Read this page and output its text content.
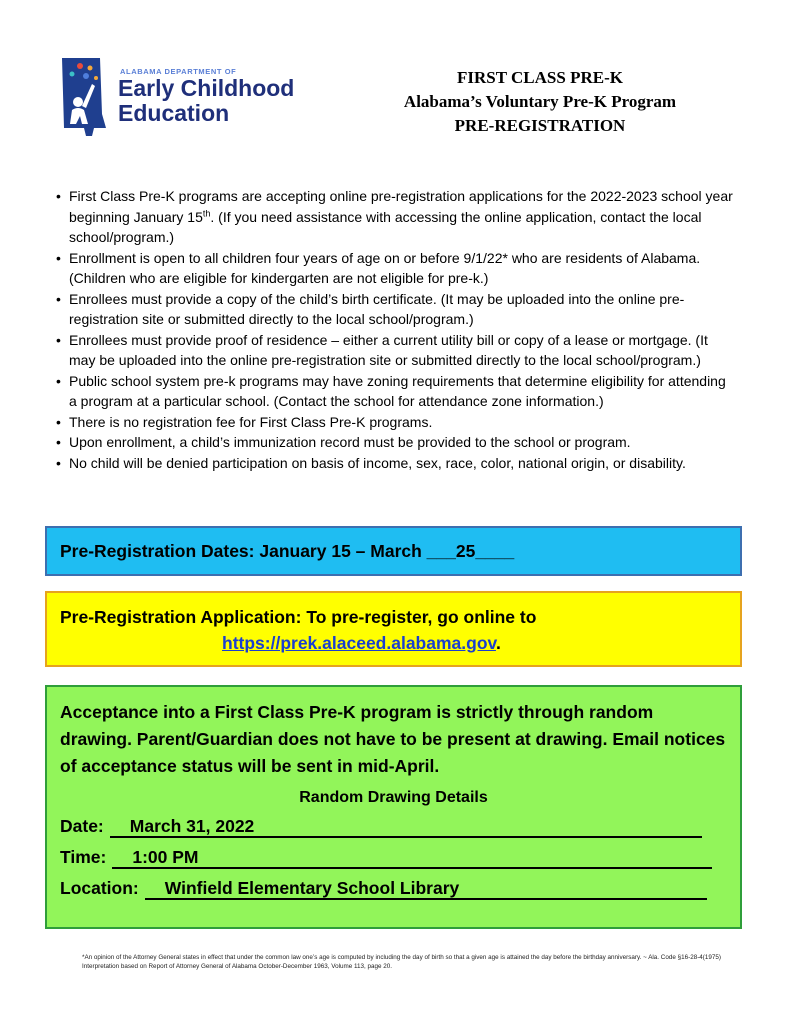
ALABAMA DEPARTMENT OF
Early Childhood
Education
FIRST CLASS PRE-K
Alabama’s Voluntary Pre-K Program
PRE-REGISTRATION
• First Class Pre-K programs are accepting online pre-registration applications for the 2022-2023 school year beginning January 15th. (If you need assistance with accessing the online application, contact the local school/program.)
• Enrollment is open to all children four years of age on or before 9/1/22* who are residents of Alabama. (Children who are eligible for kindergarten are not eligible for pre-k.)
• Enrollees must provide a copy of the child’s birth certificate. (It may be uploaded into the online pre-registration site or submitted directly to the local school/program.)
• Enrollees must provide proof of residence – either a current utility bill or copy of a lease or mortgage. (It may be uploaded into the online pre-registration site or submitted directly to the local school/program.)
• Public school system pre-k programs may have zoning requirements that determine eligibility for attending a program at a particular school. (Contact the school for attendance zone information.)
• There is no registration fee for First Class Pre-K programs.
• Upon enrollment, a child’s immunization record must be provided to the school or program.
• No child will be denied participation on basis of income, sex, race, color, national origin, or disability.
Pre-Registration Dates: January 15 – March ___25____
Pre-Registration Application: To pre-register, go online to
https://prek.alaceed.alabama.gov.
Acceptance into a First Class Pre-K program is strictly through random drawing. Parent/Guardian does not have to be present at drawing. Email notices of acceptance status will be sent in mid-April.
Random Drawing Details
Date:	March 31, 2022
Time:	1:00 PM
Location:	Winfield Elementary School Library
*An opinion of the Attorney General states in effect that under the common law one’s age is computed by including the day of birth so that a given age is attained the day before the birthday anniversary. ~ Ala. Code §16-28-4(1975) Interpretation based on Report of Attorney General of Alabama October-December 1963, Volume 113, page 20.
